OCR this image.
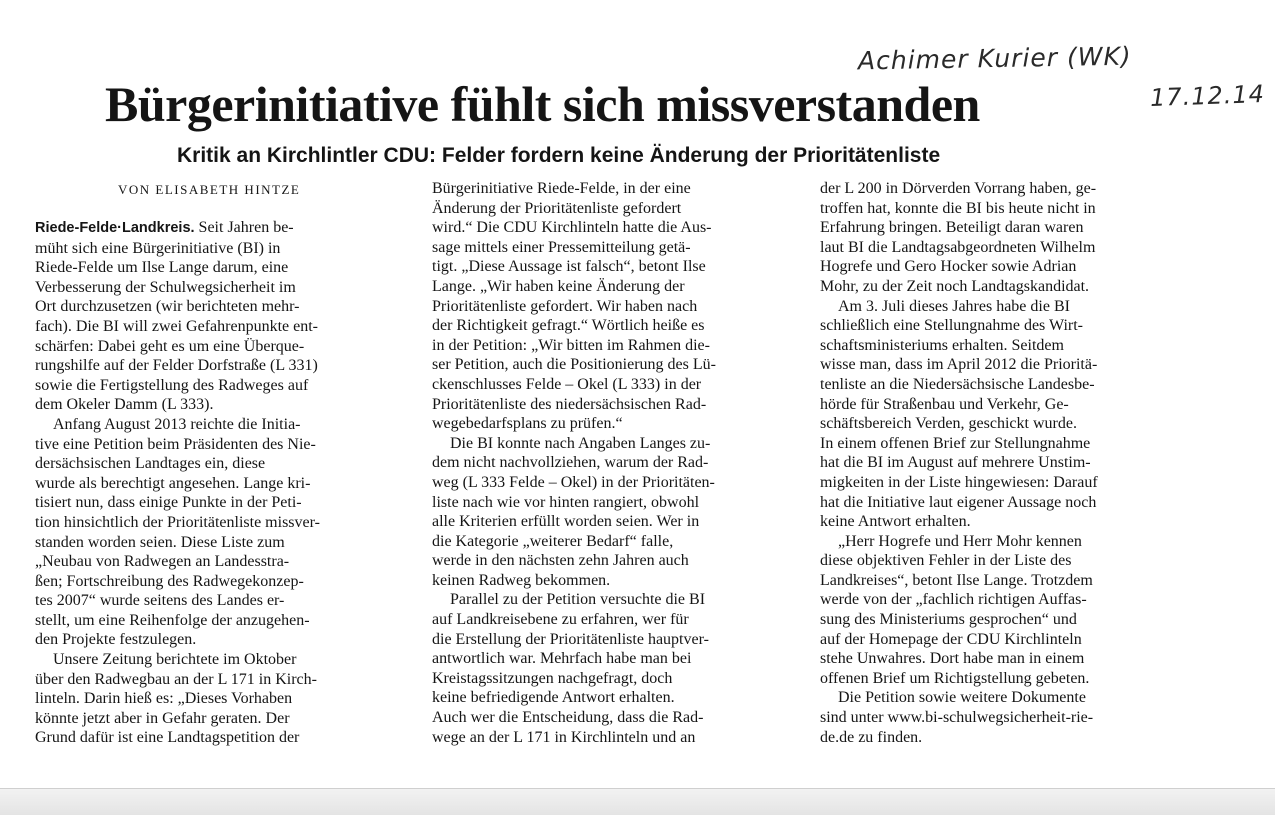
Achimer Kurier (WK)
17.12.14
Bürgerinitiative fühlt sich missverstanden
Kritik an Kirchlintler CDU: Felder fordern keine Änderung der Prioritätenliste
VON ELISABETH HINTZE
Riede-Felde·Landkreis. Seit Jahren be-
müht sich eine Bürgerinitiative (BI) in
Riede-Felde um Ilse Lange darum, eine
Verbesserung der Schulwegsicherheit im
Ort durchzusetzen (wir berichteten mehr-
fach). Die BI will zwei Gefahrenpunkte ent-
schärfen: Dabei geht es um eine Überque-
rungshilfe auf der Felder Dorfstraße (L 331)
sowie die Fertigstellung des Radweges auf
dem Okeler Damm (L 333).
Anfang August 2013 reichte die Initia-
tive eine Petition beim Präsidenten des Nie-
dersächsischen Landtages ein, diese
wurde als berechtigt angesehen. Lange kri-
tisiert nun, dass einige Punkte in der Peti-
tion hinsichtlich der Prioritätenliste missver-
standen worden seien. Diese Liste zum
„Neubau von Radwegen an Landesstra-
ßen; Fortschreibung des Radwegekonzep-
tes 2007“ wurde seitens des Landes er-
stellt, um eine Reihenfolge der anzugehen-
den Projekte festzulegen.
Unsere Zeitung berichtete im Oktober
über den Radwegbau an der L 171 in Kirch-
linteln. Darin hieß es: „Dieses Vorhaben
könnte jetzt aber in Gefahr geraten. Der
Grund dafür ist eine Landtagspetition der
Bürgerinitiative Riede-Felde, in der eine
Änderung der Prioritätenliste gefordert
wird.“ Die CDU Kirchlinteln hatte die Aus-
sage mittels einer Pressemitteilung getä-
tigt. „Diese Aussage ist falsch“, betont Ilse
Lange. „Wir haben keine Änderung der
Prioritätenliste gefordert. Wir haben nach
der Richtigkeit gefragt.“ Wörtlich heiße es
in der Petition: „Wir bitten im Rahmen die-
ser Petition, auch die Positionierung des Lü-
ckenschlusses Felde – Okel (L 333) in der
Prioritätenliste des niedersächsischen Rad-
wegebedarfsplans zu prüfen.“
Die BI konnte nach Angaben Langes zu-
dem nicht nachvollziehen, warum der Rad-
weg (L 333 Felde – Okel) in der Prioritäten-
liste nach wie vor hinten rangiert, obwohl
alle Kriterien erfüllt worden seien. Wer in
die Kategorie „weiterer Bedarf“ falle,
werde in den nächsten zehn Jahren auch
keinen Radweg bekommen.
Parallel zu der Petition versuchte die BI
auf Landkreisebene zu erfahren, wer für
die Erstellung der Prioritätenliste hauptver-
antwortlich war. Mehrfach habe man bei
Kreistagssitzungen nachgefragt, doch
keine befriedigende Antwort erhalten.
Auch wer die Entscheidung, dass die Rad-
wege an der L 171 in Kirchlinteln und an
der L 200 in Dörverden Vorrang haben, ge-
troffen hat, konnte die BI bis heute nicht in
Erfahrung bringen. Beteiligt daran waren
laut BI die Landtagsabgeordneten Wilhelm
Hogrefe und Gero Hocker sowie Adrian
Mohr, zu der Zeit noch Landtagskandidat.
Am 3. Juli dieses Jahres habe die BI
schließlich eine Stellungnahme des Wirt-
schaftsministeriums erhalten. Seitdem
wisse man, dass im April 2012 die Prioritä-
tenliste an die Niedersächsische Landesbe-
hörde für Straßenbau und Verkehr, Ge-
schäftsbereich Verden, geschickt wurde.
In einem offenen Brief zur Stellungnahme
hat die BI im August auf mehrere Unstim-
migkeiten in der Liste hingewiesen: Darauf
hat die Initiative laut eigener Aussage noch
keine Antwort erhalten.
„Herr Hogrefe und Herr Mohr kennen
diese objektiven Fehler in der Liste des
Landkreises“, betont Ilse Lange. Trotzdem
werde von der „fachlich richtigen Auffas-
sung des Ministeriums gesprochen“ und
auf der Homepage der CDU Kirchlinteln
stehe Unwahres. Dort habe man in einem
offenen Brief um Richtigstellung gebeten.
Die Petition sowie weitere Dokumente
sind unter www.bi-schulwegsicherheit-rie-
de.de zu finden.
